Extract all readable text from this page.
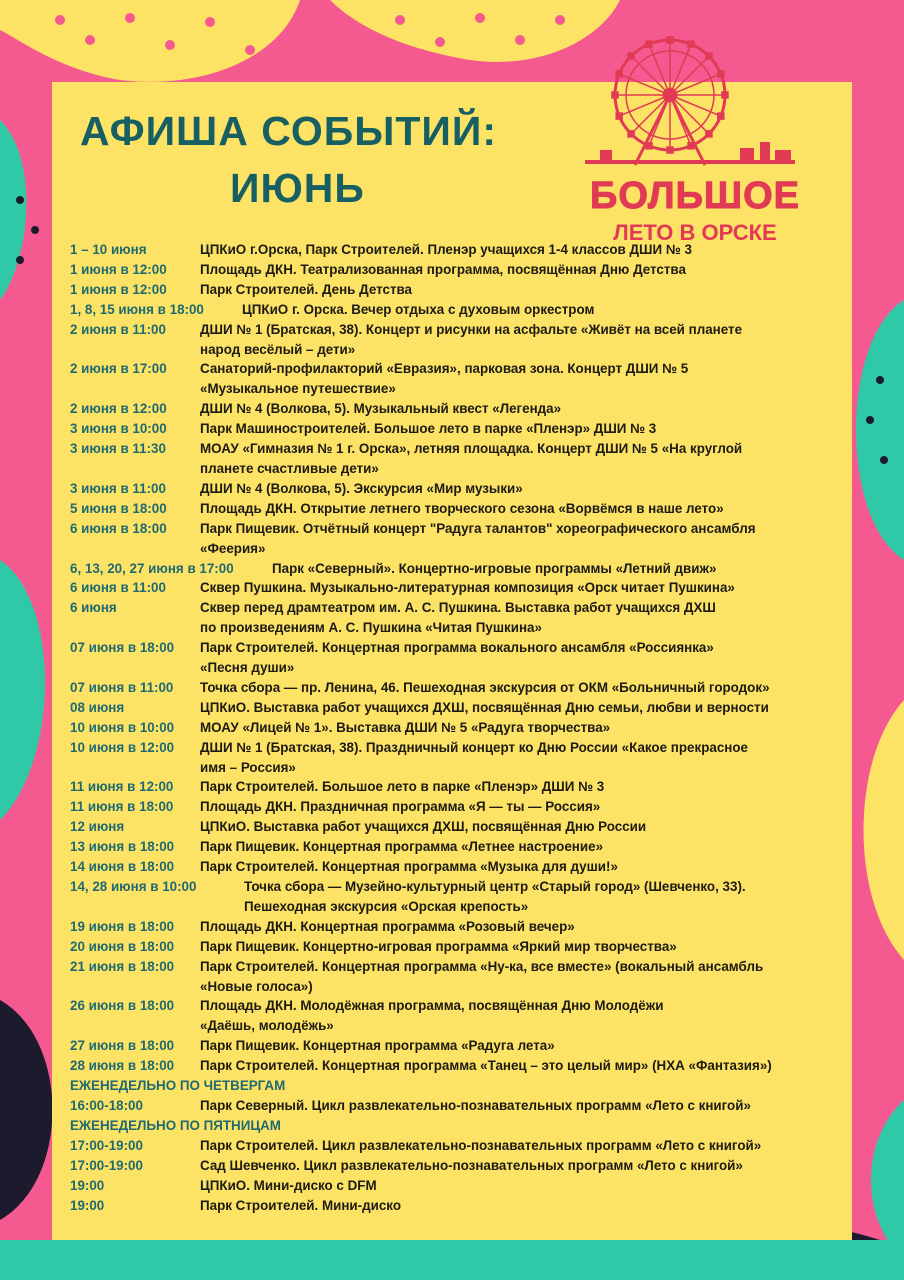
АФИША СОБЫТИЙ:
ИЮНЬ	БОЛЬШОЕ
ЛЕТО В ОРСКЕ
1 – 10 июня	ЦПКиО г.Орска, Парк Строителей. Пленэр учащихся 1-4 классов ДШИ № 3
1 июня в 12:00	Площадь ДКН. Театрализованная программа, посвящённая Дню Детства
1 июня в 12:00	Парк Строителей. День Детства
1, 8, 15 июня в 18:00	ЦПКиО г. Орска. Вечер отдыха с духовым оркестром
2 июня в 11:00	ДШИ № 1 (Братская, 38). Концерт и рисунки на асфальте «Живёт на всей планете
народ весёлый – дети»
2 июня в 17:00	Санаторий-профилакторий «Евразия», парковая зона. Концерт ДШИ № 5
«Музыкальное путешествие»
2 июня в 12:00	ДШИ № 4 (Волкова, 5). Музыкальный квест «Легенда»
3 июня в 10:00	Парк Машиностроителей. Большое лето в парке «Пленэр» ДШИ № 3
3 июня в 11:30	МОАУ «Гимназия № 1 г. Орска», летняя площадка. Концерт ДШИ № 5 «На круглой
планете счастливые дети»
3 июня в 11:00	ДШИ № 4 (Волкова, 5). Экскурсия «Мир музыки»
5 июня в 18:00	Площадь ДКН. Открытие летнего творческого сезона «Ворвёмся в наше лето»
6 июня в 18:00	Парк Пищевик. Отчётный концерт "Радуга талантов" хореографического ансамбля
«Феерия»
6, 13, 20, 27 июня в 17:00	Парк «Северный». Концертно-игровые программы «Летний движ»
6 июня в 11:00	Сквер Пушкина. Музыкально-литературная композиция «Орск читает Пушкина»
6 июня	Сквер перед драмтеатром им. А. С. Пушкина. Выставка работ учащихся ДХШ
по произведениям А. С. Пушкина «Читая Пушкина»
07 июня в 18:00	Парк Строителей. Концертная программа вокального ансамбля «Россиянка»
«Песня души»
07 июня в 11:00	Точка сбора — пр. Ленина, 46. Пешеходная экскурсия от ОКМ «Больничный городок»
08 июня	ЦПКиО. Выставка работ учащихся ДХШ, посвящённая Дню семьи, любви и верности
10 июня в 10:00	МОАУ «Лицей № 1». Выставка ДШИ № 5 «Радуга творчества»
10 июня в 12:00	ДШИ № 1 (Братская, 38). Праздничный концерт ко Дню России «Какое прекрасное
имя – Россия»
11 июня в 12:00	Парк Строителей. Большое лето в парке «Пленэр» ДШИ № 3
11 июня в 18:00	Площадь ДКН. Праздничная программа «Я — ты — Россия»
12 июня	ЦПКиО. Выставка работ учащихся ДХШ, посвящённая Дню России
13 июня в 18:00	Парк Пищевик. Концертная программа «Летнее настроение»
14 июня в 18:00	Парк Строителей. Концертная программа «Музыка для души!»
14, 28 июня в 10:00	Точка сбора — Музейно-культурный центр «Старый город» (Шевченко, 33).
Пешеходная экскурсия «Орская крепость»
19 июня в 18:00	Площадь ДКН. Концертная программа «Розовый вечер»
20 июня в 18:00	Парк Пищевик. Концертно-игровая программа «Яркий мир творчества»
21 июня в 18:00	Парк Строителей. Концертная программа «Ну-ка, все вместе» (вокальный ансамбль
«Новые голоса»)
26 июня в 18:00	Площадь ДКН. Молодёжная программа, посвящённая Дню Молодёжи
«Даёшь, молодёжь»
27 июня в 18:00	Парк Пищевик. Концертная программа «Радуга лета»
28 июня в 18:00	Парк Строителей. Концертная программа «Танец – это целый мир» (НХА «Фантазия»)
ЕЖЕНЕДЕЛЬНО ПО ЧЕТВЕРГАМ
16:00-18:00	Парк Северный. Цикл развлекательно-познавательных программ «Лето с книгой»
ЕЖЕНЕДЕЛЬНО ПО ПЯТНИЦАМ
17:00-19:00	Парк Строителей. Цикл развлекательно-познавательных программ «Лето с книгой»
17:00-19:00	Сад Шевченко. Цикл развлекательно-познавательных программ «Лето с книгой»
19:00	ЦПКиО. Мини-диско с DFM
19:00	Парк Строителей. Мини-диско
